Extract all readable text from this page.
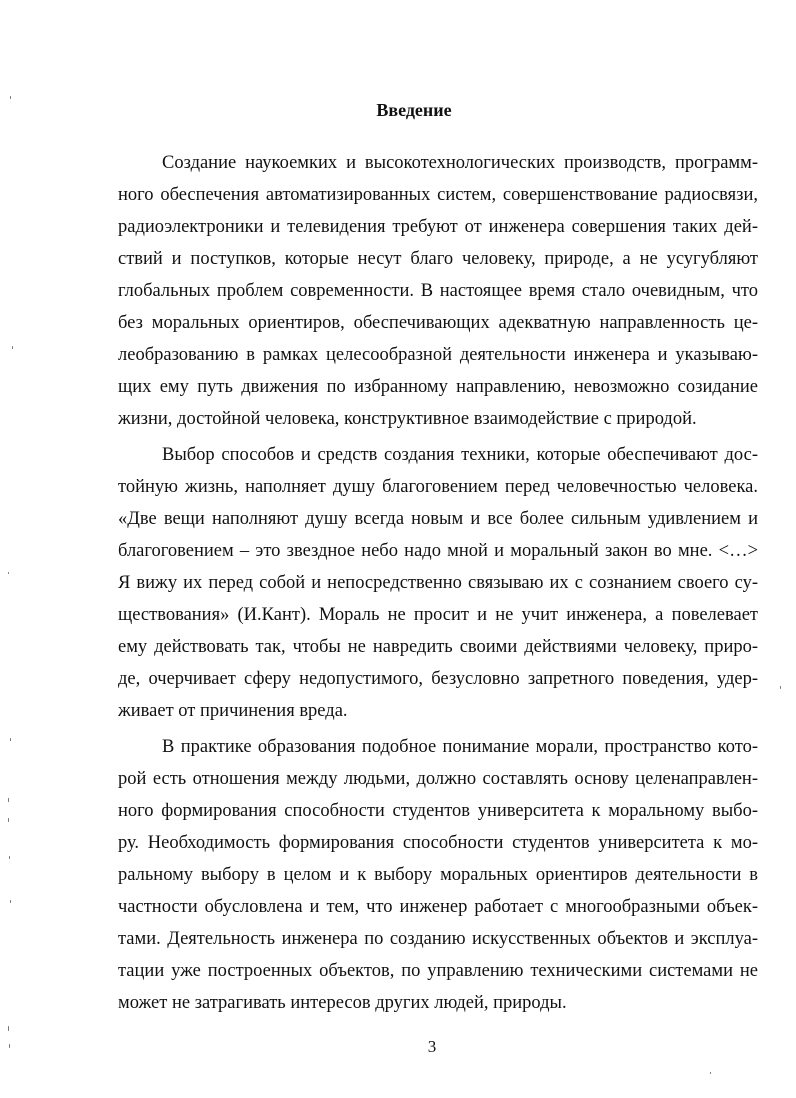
Введение
Создание наукоемких и высокотехнологических производств, программ-
ного обеспечения автоматизированных систем, совершенствование радиосвязи,
радиоэлектроники и телевидения требуют от инженера совершения таких дей-
ствий и поступков, которые несут благо человеку, природе, а не усугубляют
глобальных проблем современности. В настоящее время стало очевидным, что
без моральных ориентиров, обеспечивающих адекватную направленность це-
леобразованию в рамках целесообразной деятельности инженера и указываю-
щих ему путь движения по избранному направлению, невозможно созидание
жизни, достойной человека, конструктивное взаимодействие с природой.
Выбор способов и средств создания техники, которые обеспечивают дос-
тойную жизнь, наполняет душу благоговением перед человечностью человека.
«Две вещи наполняют душу всегда новым и все более сильным удивлением и
благоговением – это звездное небо надо мной и моральный закон во мне. <…>
Я вижу их перед собой и непосредственно связываю их с сознанием своего су-
ществования» (И.Кант). Мораль не просит и не учит инженера, а повелевает
ему действовать так, чтобы не навредить своими действиями человеку, приро-
де, очерчивает сферу недопустимого, безусловно запретного поведения, удер-
живает от причинения вреда.
В практике образования подобное понимание морали, пространство кото-
рой есть отношения между людьми, должно составлять основу целенаправлен-
ного формирования способности студентов университета к моральному выбо-
ру. Необходимость формирования способности студентов университета к мо-
ральному выбору в целом и к выбору моральных ориентиров деятельности в
частности обусловлена и тем, что инженер работает с многообразными объек-
тами. Деятельность инженера по созданию искусственных объектов и эксплуа-
тации уже построенных объектов, по управлению техническими системами не
может не затрагивать интересов других людей, природы.
3
